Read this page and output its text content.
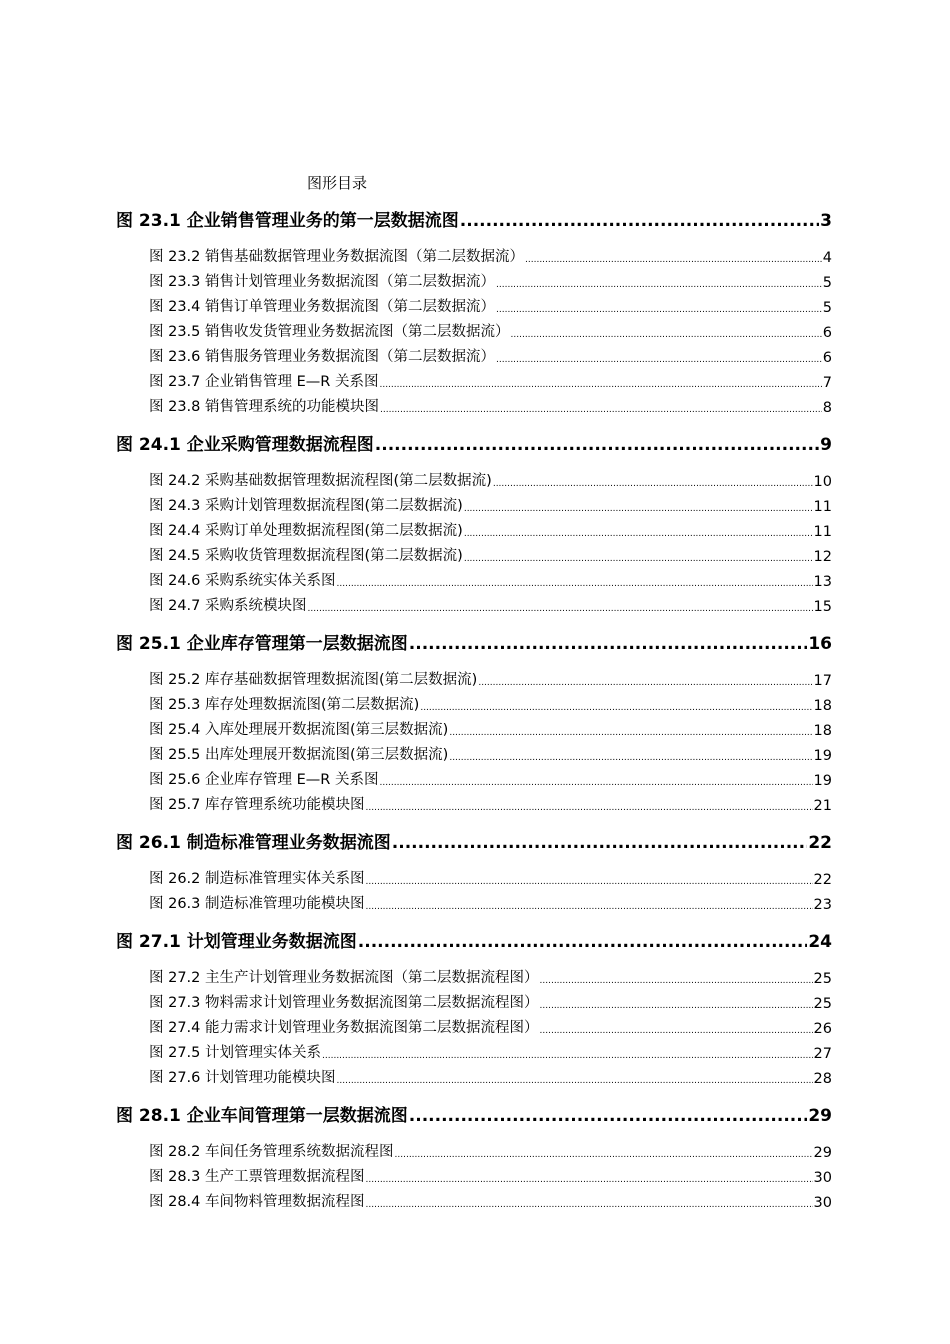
图形目录
图 23.1 企业销售管理业务的第一层数据流图 .....	3
图 23.2 销售基础数据管理业务数据流图（第二层数据流） .....	4
图 23.3 销售计划管理业务数据流图（第二层数据流） .....	5
图 23.4 销售订单管理业务数据流图（第二层数据流） .....	5
图 23.5 销售收发货管理业务数据流图（第二层数据流） .....	6
图 23.6 销售服务管理业务数据流图（第二层数据流） .....	6
图 23.7 企业销售管理 E—R 关系图 .....	7
图 23.8 销售管理系统的功能模块图 .....	8
图 24.1 企业采购管理数据流程图 .....	9
图 24.2 采购基础数据管理数据流程图(第二层数据流) .....	10
图 24.3 采购计划管理数据流程图(第二层数据流) .....	11
图 24.4 采购订单处理数据流程图(第二层数据流) .....	11
图 24.5 采购收货管理数据流程图(第二层数据流) .....	12
图 24.6 采购系统实体关系图 .....	13
图 24.7 采购系统模块图 .....	15
图 25.1 企业库存管理第一层数据流图 .....	16
图 25.2 库存基础数据管理数据流图(第二层数据流) .....	17
图 25.3 库存处理数据流图(第二层数据流) .....	18
图 25.4 入库处理展开数据流图(第三层数据流) .....	18
图 25.5 出库处理展开数据流图(第三层数据流) .....	19
图 25.6 企业库存管理 E—R 关系图 .....	19
图 25.7 库存管理系统功能模块图 .....	21
图 26.1 制造标准管理业务数据流图 .....	22
图 26.2 制造标准管理实体关系图 .....	22
图 26.3 制造标准管理功能模块图 .....	23
图 27.1 计划管理业务数据流图 .....	24
图 27.2 主生产计划管理业务数据流图（第二层数据流程图） .....	25
图 27.3 物料需求计划管理业务数据流图第二层数据流程图） .....	25
图 27.4 能力需求计划管理业务数据流图第二层数据流程图） .....	26
图 27.5 计划管理实体关系 .....	27
图 27.6 计划管理功能模块图 .....	28
图 28.1 企业车间管理第一层数据流图 .....	29
图 28.2 车间任务管理系统数据流程图 .....	29
图 28.3 生产工票管理数据流程图 .....	30
图 28.4 车间物料管理数据流程图 .....	30
